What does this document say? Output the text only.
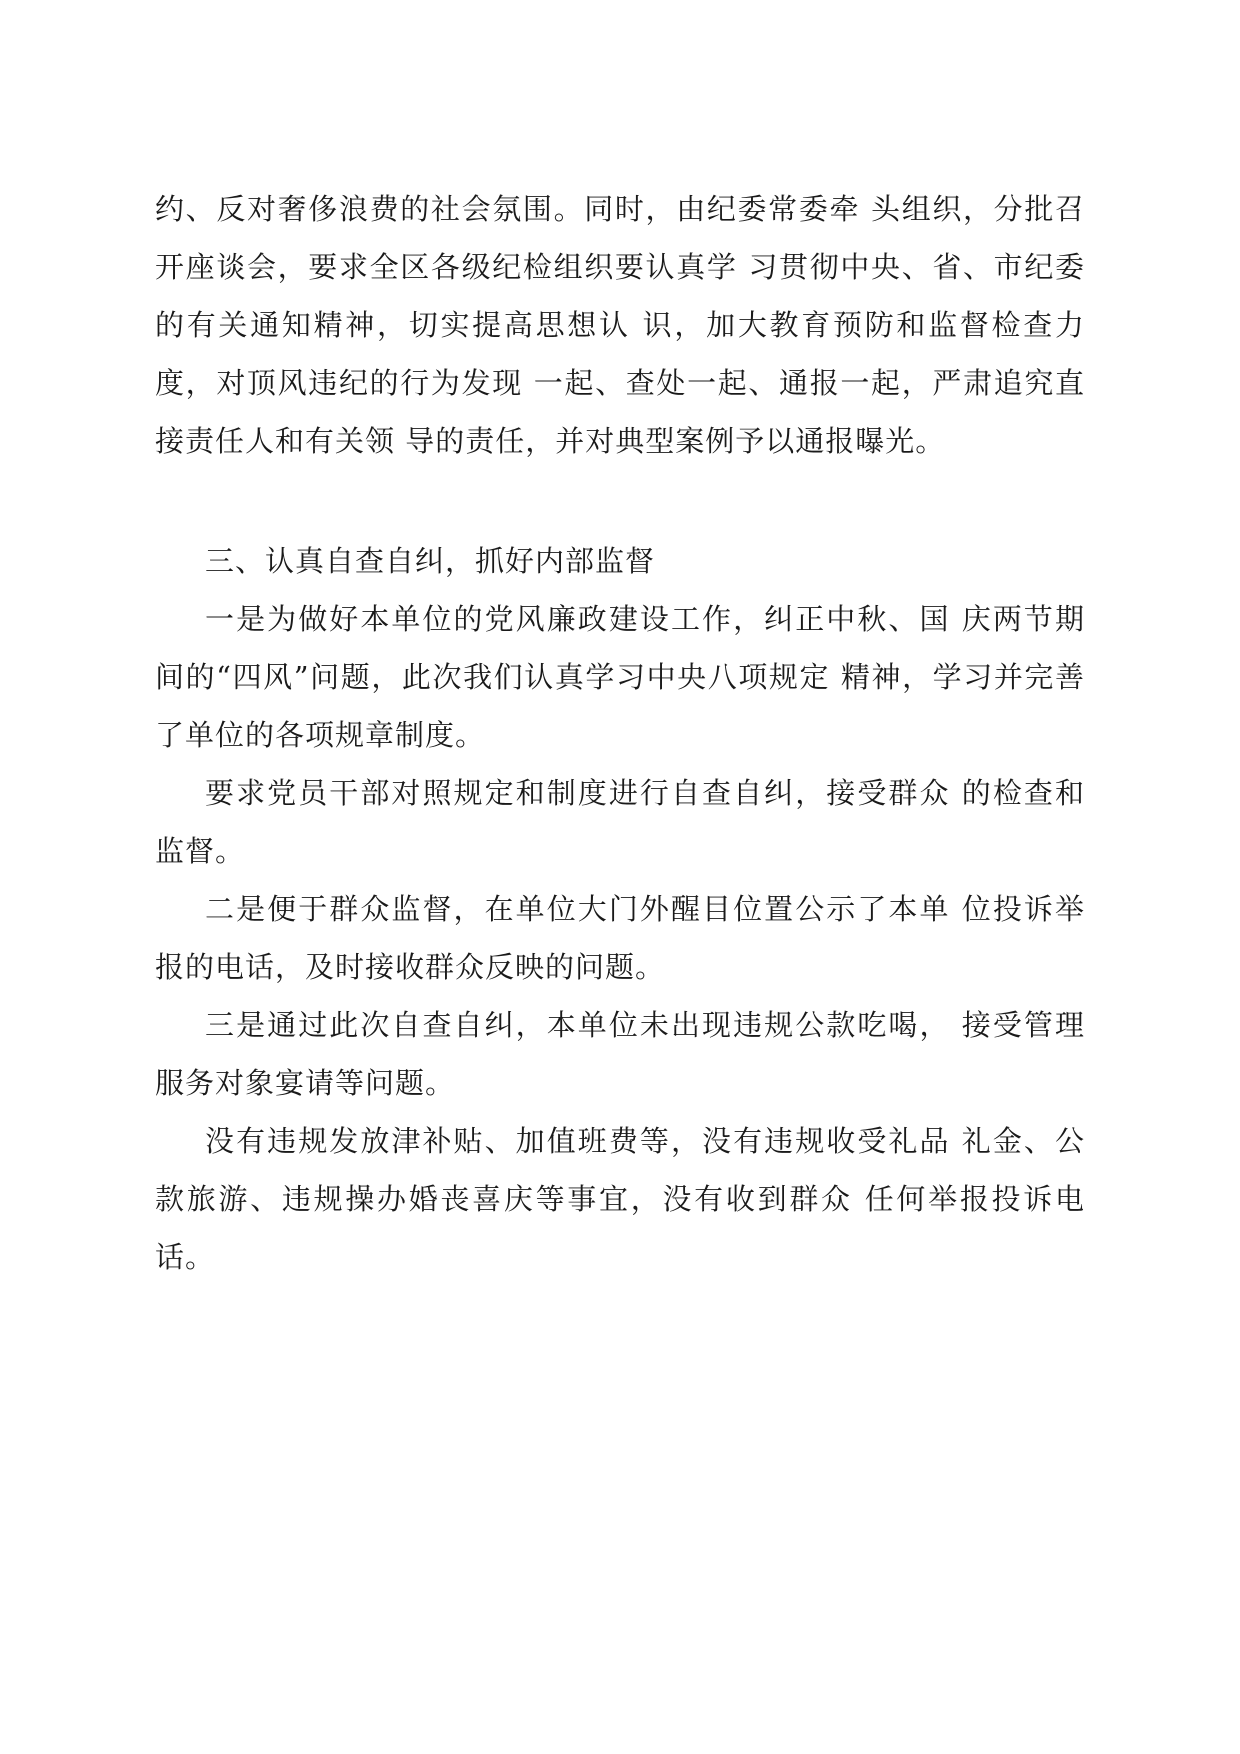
约、反对奢侈浪费的社会氛围。同时，由纪委常委牵 头组织，分批召开座谈会，要求全区各级纪检组织要认真学 习贯彻中央、省、市纪委的有关通知精神，切实提高思想认 识，加大教育预防和监督检查力度，对顶风违纪的行为发现 一起、查处一起、通报一起，严肃追究直接责任人和有关领 导的责任，并对典型案例予以通报曝光。

三、认真自查自纠，抓好内部监督

一是为做好本单位的党风廉政建设工作，纠正中秋、国 庆两节期间的“四风”问题，此次我们认真学习中央八项规定 精神，学习并完善了单位的各项规章制度。

要求党员干部对照规定和制度进行自查自纠，接受群众 的检查和监督。

二是便于群众监督，在单位大门外醒目位置公示了本单 位投诉举报的电话，及时接收群众反映的问题。

三是通过此次自查自纠，本单位未出现违规公款吃喝， 接受管理服务对象宴请等问题。

没有违规发放津补贴、加值班费等，没有违规收受礼品 礼金、公款旅游、违规操办婚丧喜庆等事宜，没有收到群众 任何举报投诉电话。
